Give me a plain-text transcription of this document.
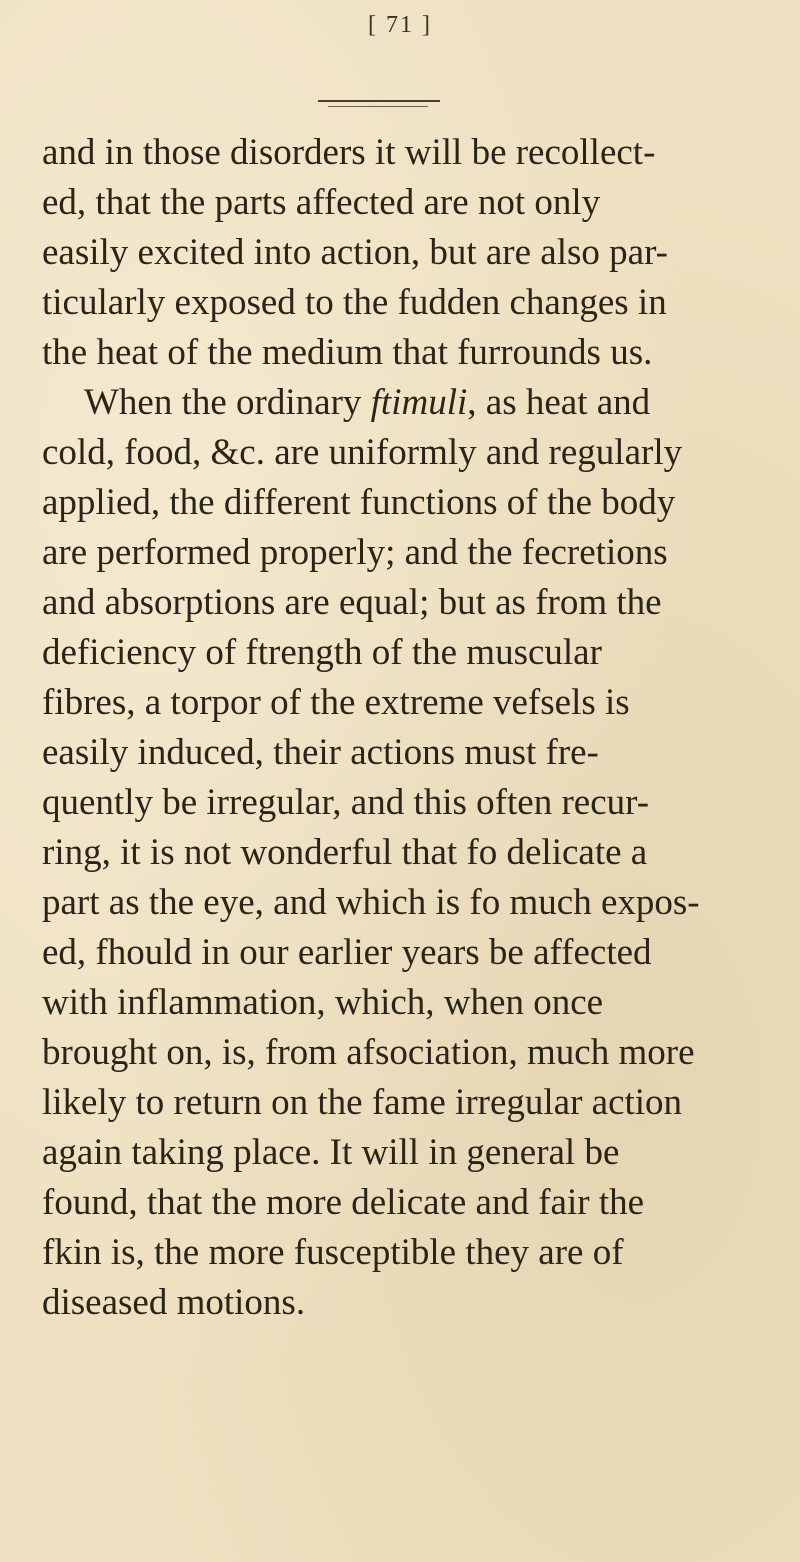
[ 71 ]
and in those disorders it will be recollect-
ed, that the parts affected are not only
easily excited into action, but are also par-
ticularly exposed to the fudden changes in
the heat of the medium that furrounds us.
When the ordinary ftimuli, as heat and
cold, food, &c. are uniformly and regularly
applied, the different functions of the body
are performed properly; and the fecretions
and absorptions are equal; but as from the
deficiency of ftrength of the muscular
fibres, a torpor of the extreme vefsels is
easily induced, their actions must fre-
quently be irregular, and this often recur-
ring, it is not wonderful that fo delicate a
part as the eye, and which is fo much expos-
ed, fhould in our earlier years be affected
with inflammation, which, when once
brought on, is, from afsociation, much more
likely to return on the fame irregular action
again taking place. It will in general be
found, that the more delicate and fair the
fkin is, the more fusceptible they are of
diseased motions.
